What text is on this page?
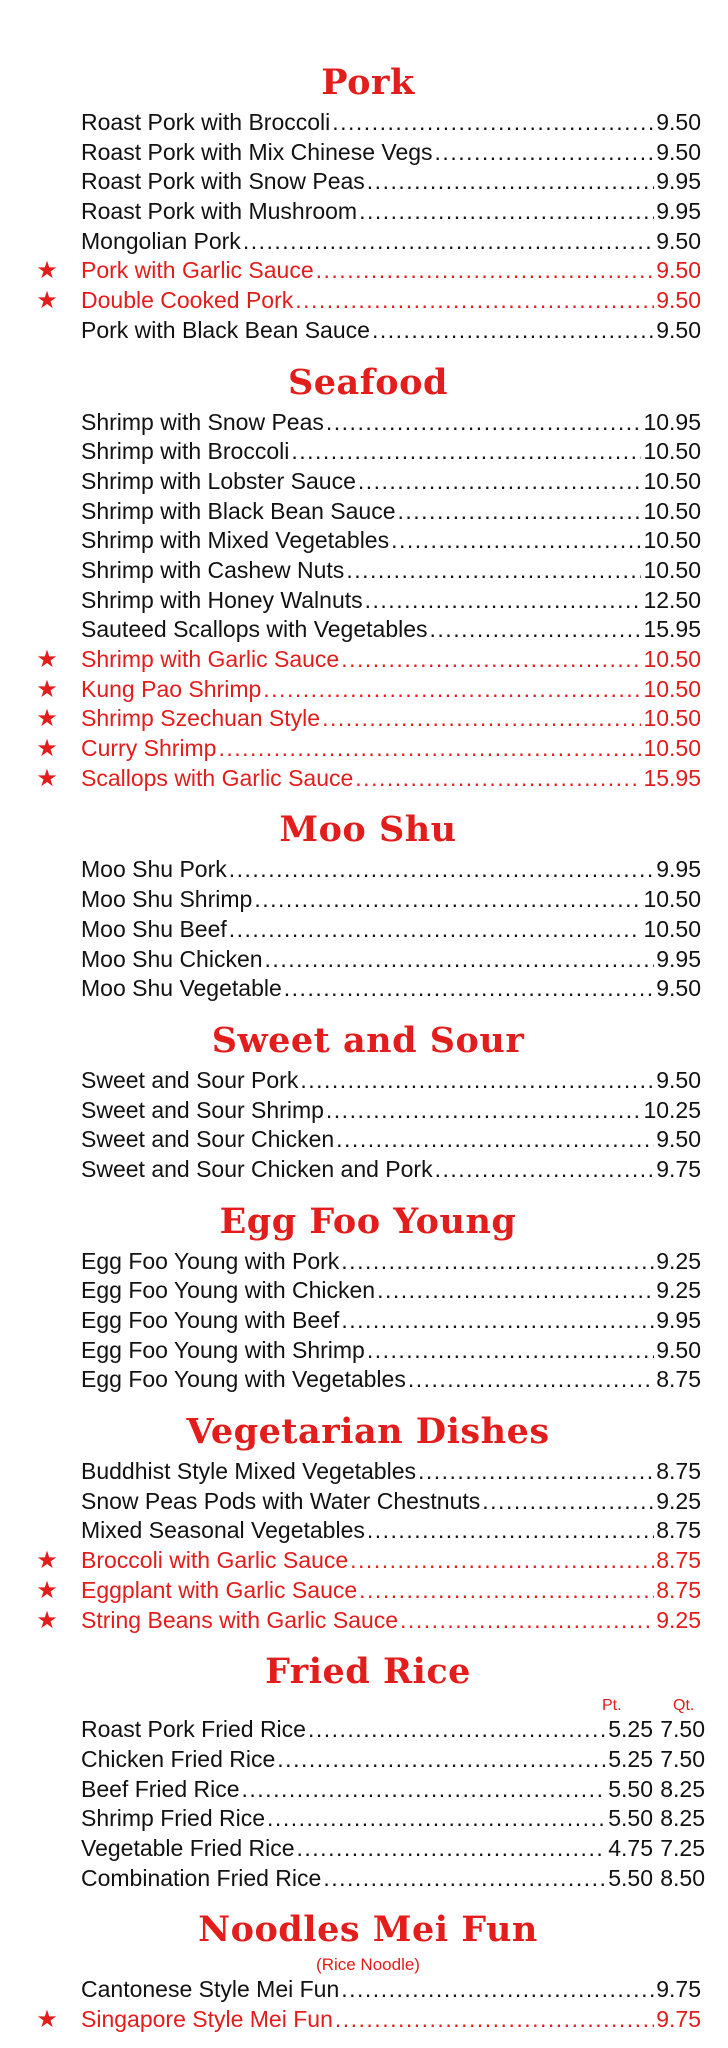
Pork
Roast Pork with Broccoli .....	9.50
Roast Pork with Mix Chinese Vegs .....	9.50
Roast Pork with Snow Peas .....	9.95
Roast Pork with Mushroom .....	9.95
Mongolian Pork .....	9.50
★ Pork with Garlic Sauce .....	9.50
★ Double Cooked Pork .....	9.50
Pork with Black Bean Sauce .....	9.50
Seafood
Shrimp with Snow Peas .....	10.95
Shrimp with Broccoli .....	10.50
Shrimp with Lobster Sauce .....	10.50
Shrimp with Black Bean Sauce .....	10.50
Shrimp with Mixed Vegetables .....	10.50
Shrimp with Cashew Nuts .....	10.50
Shrimp with Honey Walnuts .....	12.50
Sauteed Scallops with Vegetables .....	15.95
★ Shrimp with Garlic Sauce .....	10.50
★ Kung Pao Shrimp .....	10.50
★ Shrimp Szechuan Style .....	10.50
★ Curry Shrimp .....	10.50
★ Scallops with Garlic Sauce .....	15.95
Moo Shu
Moo Shu Pork .....	9.95
Moo Shu Shrimp .....	10.50
Moo Shu Beef .....	10.50
Moo Shu Chicken .....	9.95
Moo Shu Vegetable .....	9.50
Sweet and Sour
Sweet and Sour Pork .....	9.50
Sweet and Sour Shrimp .....	10.25
Sweet and Sour Chicken .....	9.50
Sweet and Sour Chicken and Pork .....	9.75
Egg Foo Young
Egg Foo Young with Pork .....	9.25
Egg Foo Young with Chicken .....	9.25
Egg Foo Young with Beef .....	9.95
Egg Foo Young with Shrimp .....	9.50
Egg Foo Young with Vegetables .....	8.75
Vegetarian Dishes
Buddhist Style Mixed Vegetables .....	8.75
Snow Peas Pods with Water Chestnuts .....	9.25
Mixed Seasonal Vegetables .....	8.75
★ Broccoli with Garlic Sauce .....	8.75
★ Eggplant with Garlic Sauce .....	8.75
★ String Beans with Garlic Sauce .....	9.25
Fried Rice
Pt.	Qt.
Roast Pork Fried Rice .....	5.25 7.50
Chicken Fried Rice .....	5.25 7.50
Beef Fried Rice .....	5.50 8.25
Shrimp Fried Rice .....	5.50 8.25
Vegetable Fried Rice .....	4.75 7.25
Combination Fried Rice .....	5.50 8.50
Noodles Mei Fun
(Rice Noodle)
Cantonese Style Mei Fun .....	9.75
★ Singapore Style Mei Fun .....	9.75
